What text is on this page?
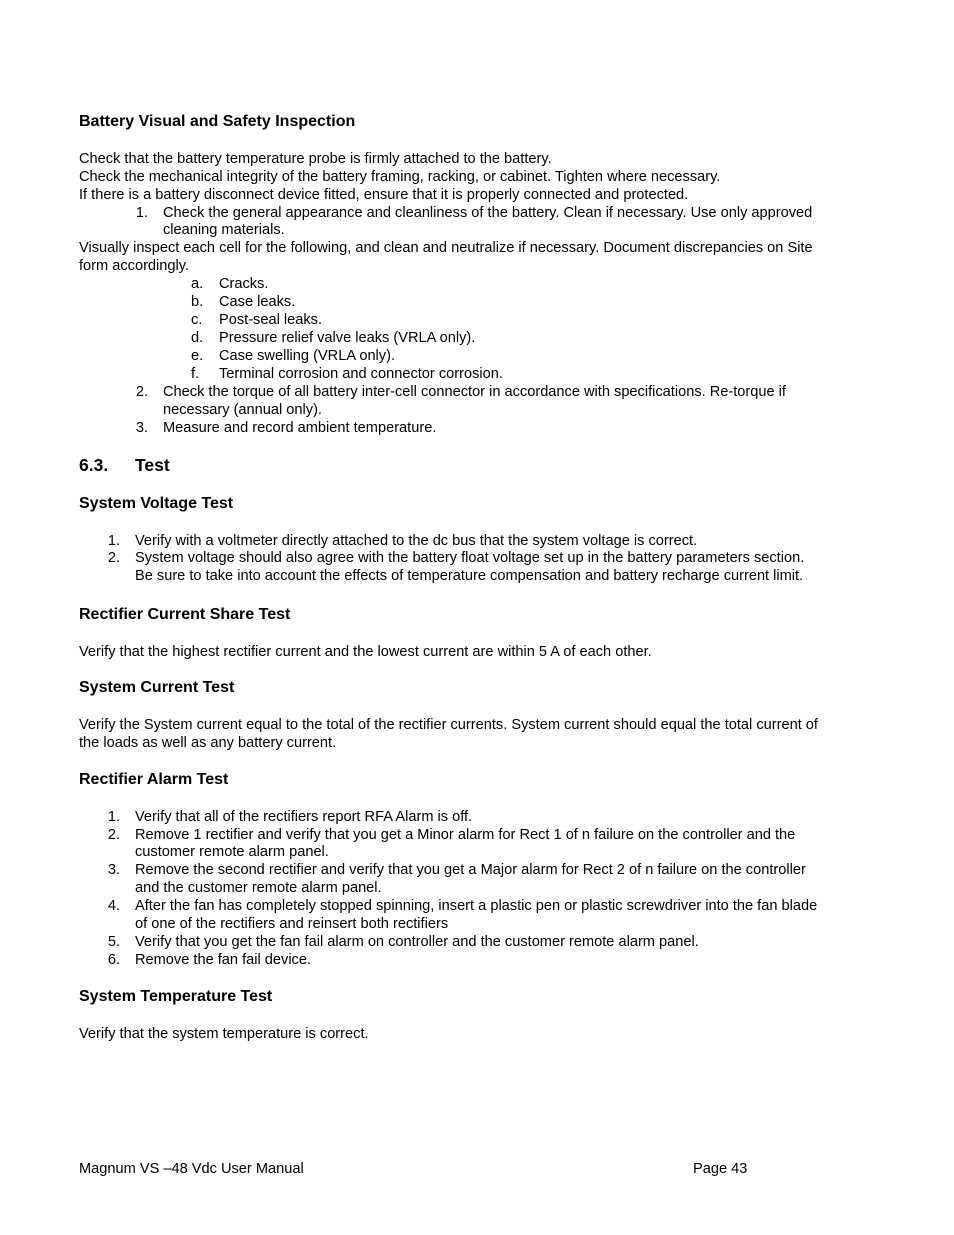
Battery Visual and Safety Inspection
Check that the battery temperature probe is firmly attached to the battery.
Check the mechanical integrity of the battery framing, racking, or cabinet. Tighten where necessary.
If there is a battery disconnect device fitted, ensure that it is properly connected and protected.
1. Check the general appearance and cleanliness of the battery. Clean if necessary. Use only approved
cleaning materials.
Visually inspect each cell for the following, and clean and neutralize if necessary. Document discrepancies on Site
form accordingly.
a. Cracks.
b. Case leaks.
c. Post-seal leaks.
d. Pressure relief valve leaks (VRLA only).
e. Case swelling (VRLA only).
f. Terminal corrosion and connector corrosion.
2. Check the torque of all battery inter-cell connector in accordance with specifications. Re-torque if
necessary (annual only).
3. Measure and record ambient temperature.
6.3. Test
System Voltage Test
1. Verify with a voltmeter directly attached to the dc bus that the system voltage is correct.
2. System voltage should also agree with the battery float voltage set up in the battery parameters section.
Be sure to take into account the effects of temperature compensation and battery recharge current limit.
Rectifier Current Share Test
Verify that the highest rectifier current and the lowest current are within 5 A of each other.
System Current Test
Verify the System current equal to the total of the rectifier currents. System current should equal the total current of
the loads as well as any battery current.
Rectifier Alarm Test
1. Verify that all of the rectifiers report RFA Alarm is off.
2. Remove 1 rectifier and verify that you get a Minor alarm for Rect 1 of n failure on the controller and the
customer remote alarm panel.
3. Remove the second rectifier and verify that you get a Major alarm for Rect 2 of n failure on the controller
and the customer remote alarm panel.
4. After the fan has completely stopped spinning, insert a plastic pen or plastic screwdriver into the fan blade
of one of the rectifiers and reinsert both rectifiers
5. Verify that you get the fan fail alarm on controller and the customer remote alarm panel.
6. Remove the fan fail device.
System Temperature Test
Verify that the system temperature is correct.
Magnum VS –48 Vdc User Manual	Page 43
